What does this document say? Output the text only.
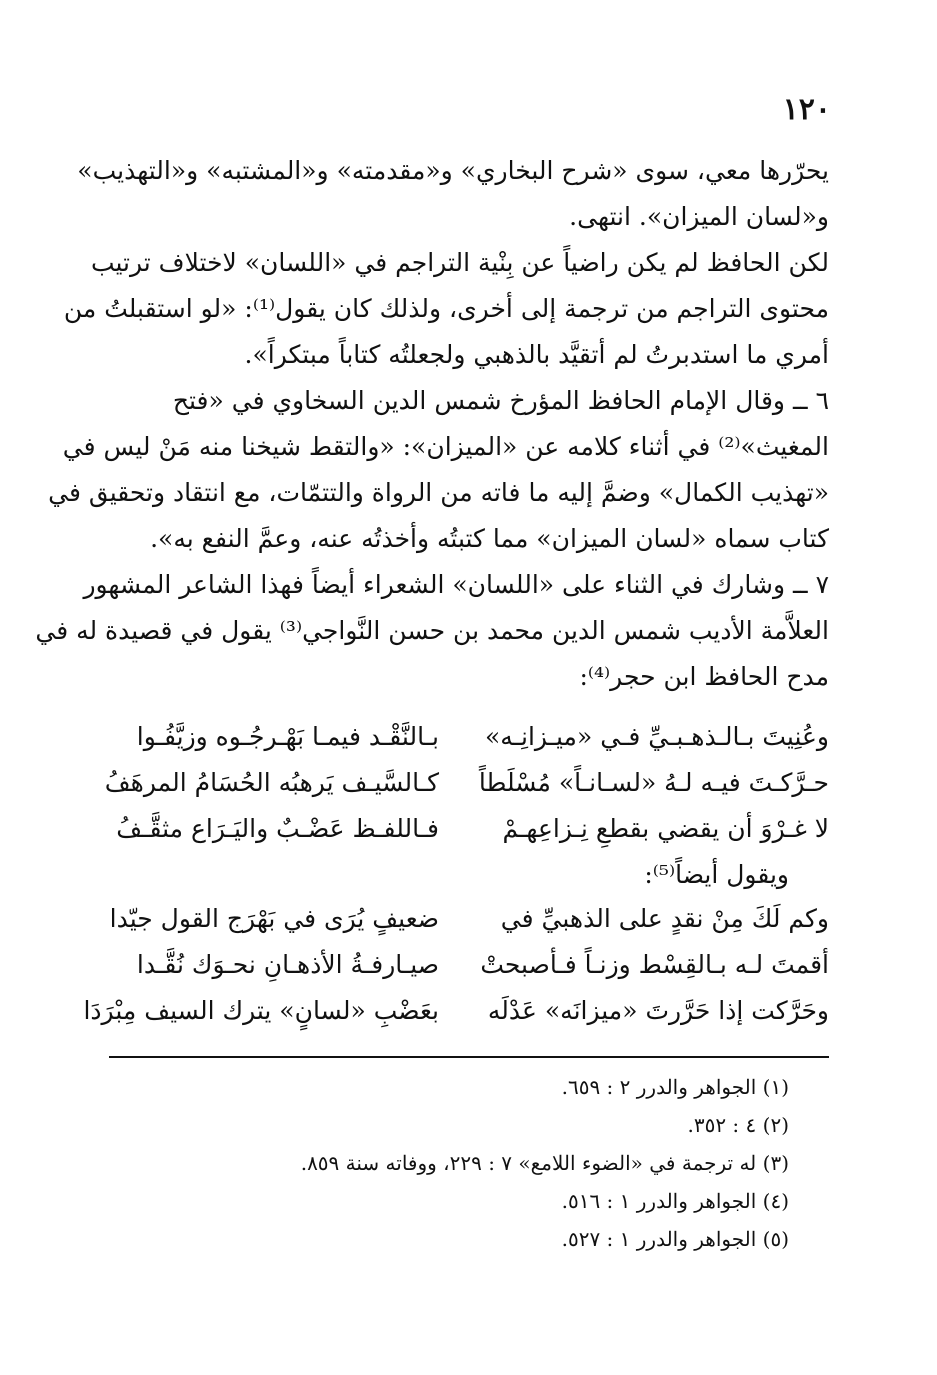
١٢٠
يحرّرها معي، سوى «شرح البخاري» و«مقدمته» و«المشتبه» و«التهذيب»
و«لسان الميزان». انتهى.
لكن الحافظ لم يكن راضياً عن بِنْية التراجم في «اللسان» لاختلاف ترتيب
محتوى التراجم من ترجمة إلى أخرى، ولذلك كان يقول⁽¹⁾: «لو استقبلتُ من
أمري ما استدبرتُ لم أتقيَّد بالذهبي ولجعلتُه كتاباً مبتكراً».
٦ ــ وقال الإمام الحافظ المؤرخ شمس الدين السخاوي في «فتح
المغيث»⁽²⁾ في أثناء كلامه عن «الميزان»: «والتقط شيخنا منه مَنْ ليس في
«تهذيب الكمال» وضمَّ إليه ما فاته من الرواة والتتمّات، مع انتقاد وتحقيق في
كتاب سماه «لسان الميزان» مما كتبتُه وأخذتُه عنه، وعمَّ النفع به».
٧ ــ وشارك في الثناء على «اللسان» الشعراء أيضاً فهذا الشاعر المشهور
العلاَّمة الأديب شمس الدين محمد بن حسن النَّواجي⁽³⁾ يقول في قصيدة له في
مدح الحافظ ابن حجر⁽⁴⁾:
وعُنِيتَ بـالـذهـبـيِّ فـي «ميـزانِـه»
بـالنَّقْـد فيمـا بَهْـرجُـوه وزيَّفُـوا
حـرَّكـتَ فيـه لـهُ «لسـانـاً» مُسْلَطاً
كـالسَّيـف يَرهبُه الحُسَامُ المرهَفُ
لا غـرْوَ أن يقضي بقطعِ نِـزاعِهـمْ
فـاللفـظ عَضْـبٌ واليَـرَاع مثقَّـفُ
ويقول أيضاً⁽⁵⁾:
وكم لَكَ مِنْ نقدٍ على الذهبيِّ في
ضعيفٍ يُرَى في بَهْرَج القول جيّدا
أقمتَ لـه بـالقِسْط وزنـاً فـأصبحتْ
صيـارفـةُ الأذهـانِ نحـوَك نُقَّـدا
وحَرَّكت إذا حَرَّرتَ «ميزانَه» عَدْلَه
بعَضْبِ «لسانٍ» يترك السيف مِبْرَدَا
(١) الجواهر والدرر ٢ : ٦٥٩.
(٢) ٤ : ٣٥٢.
(٣) له ترجمة في «الضوء اللامع» ٧ : ٢٢٩، ووفاته سنة ٨٥٩.
(٤) الجواهر والدرر ١ : ٥١٦.
(٥) الجواهر والدرر ١ : ٥٢٧.
